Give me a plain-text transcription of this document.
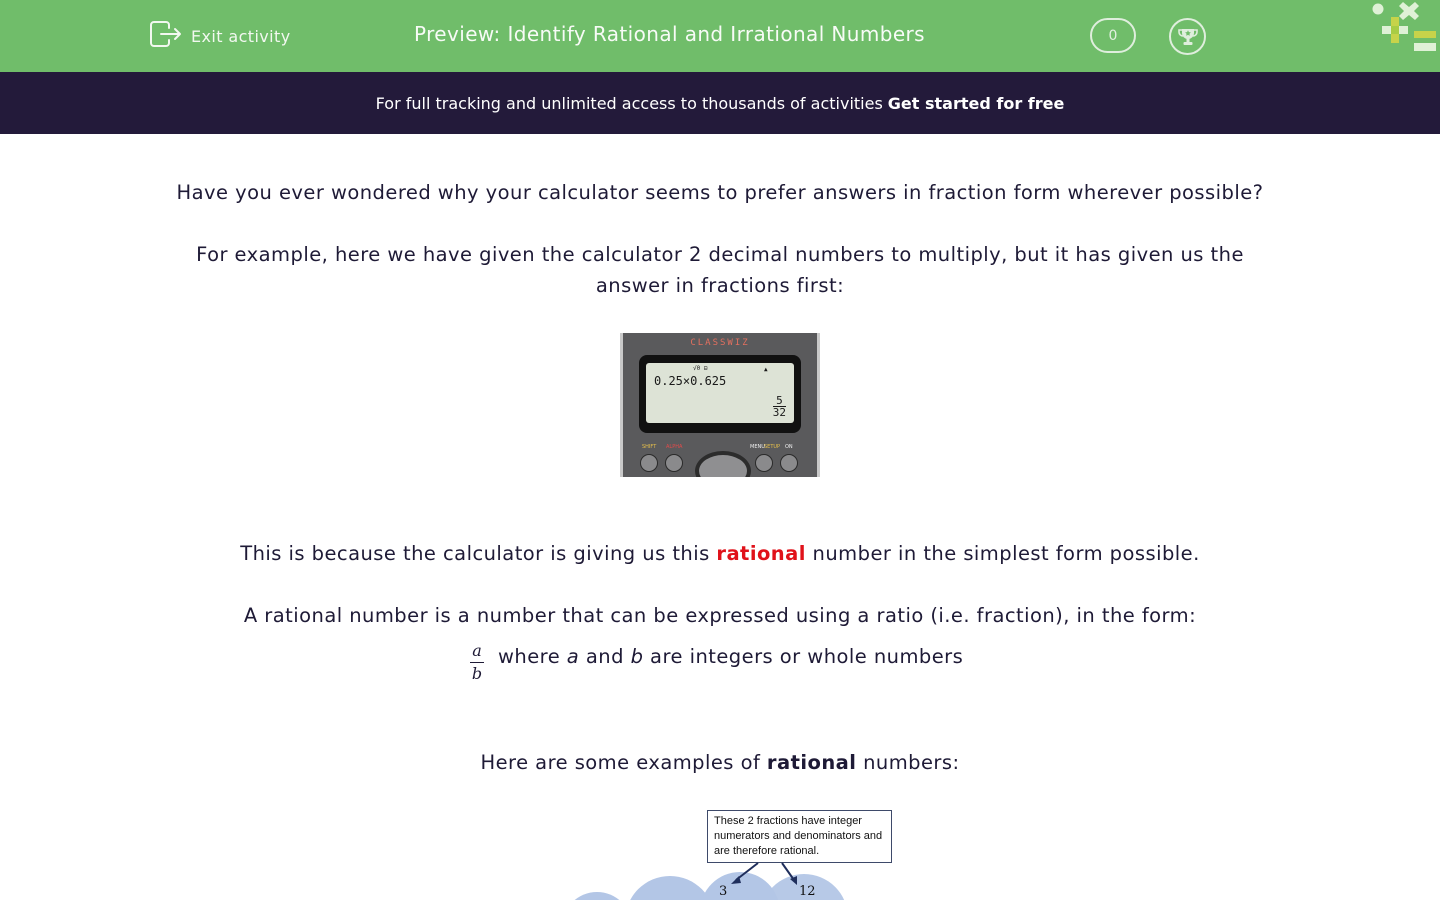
Exit activity	Preview: Identify Rational and Irrational Numbers	0
For full tracking and unlimited access to thousands of activities Get started for free

Have you ever wondered why your calculator seems to prefer answers in fraction form wherever possible?

For example, here we have given the calculator 2 decimal numbers to multiply, but it has given us the
answer in fractions first:

CLASSWIZ
√0 ⊟	▲
0.25×0.625
$\frac{5}{32}$
SHIFT ALPHA	MENU SETUP ON

This is because the calculator is giving us this rational number in the simplest form possible.

A rational number is a number that can be expressed using a ratio (i.e. fraction), in the form:

$\frac{a}{b}$ where a and b are integers or whole numbers

Here are some examples of rational numbers:

These 2 fractions have integer numerators and denominators and are therefore rational.
3	12
